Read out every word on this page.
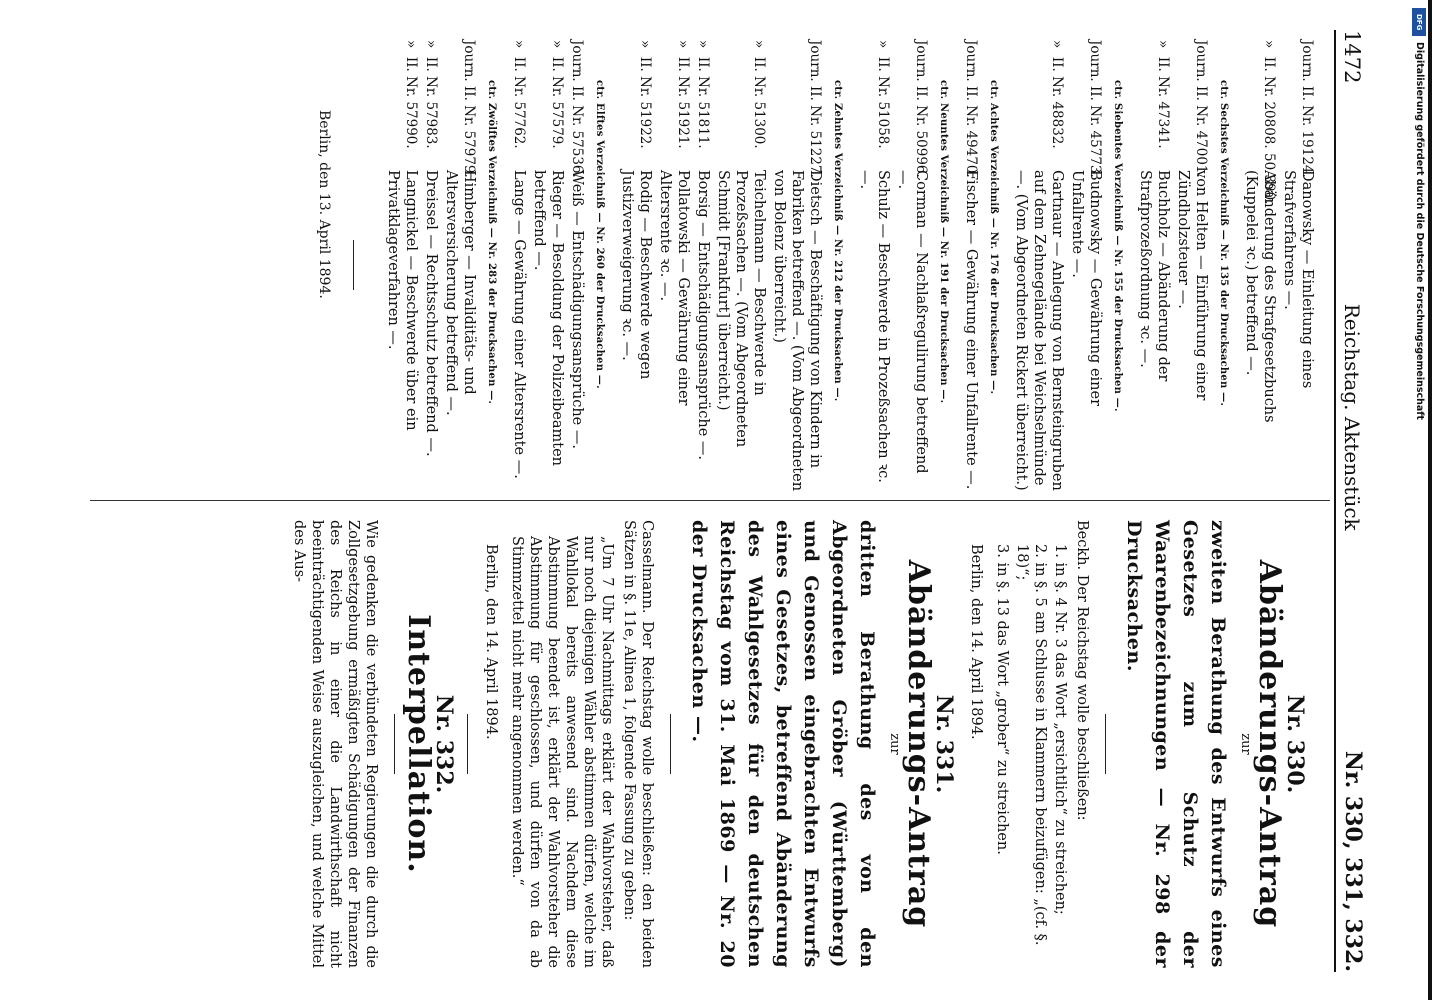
1472
Reichstag. Aktenstück
Nr. 330, 331, 332.
Journ. II. Nr. 19124.
Danowsky — Einleitung eines Strafverfahrens —.
»  II. Nr. 20808. 50 390.
Abänderung des Strafgesetzbuchs (Kuppelei ꝛc.) betreffend —.
ctr. Sechstes Verzeichniß — Nr. 135 der Drucksachen —.
Journ. II. Nr. 47001.
von Helten — Einführung einer Zündholzsteuer —.
»  II. Nr. 47341.
Buchholz — Abänderung der Strafprozeßordnung ꝛc. —.
ctr. Siebentes Verzeichniß — Nr. 155 der Drucksachen —.
Journ. II. Nr. 45773.
Budnowsky — Gewährung einer Unfallrente —.
»  II. Nr. 48832.
Gartnaur — Anlegung von Bernsteingruben auf dem Zehnegelände bei Weichselmünde —. (Vom Abgeordneten Rickert überreicht.)
ctr. Achtes Verzeichniß — Nr. 176 der Drucksachen —.
Journ. II. Nr. 49470.
Fischer — Gewährung einer Unfallrente —.
ctr. Neuntes Verzeichniß — Nr. 191 der Drucksachen —.
Journ. II. Nr. 50996.
Corman — Nachlaßregulirung betreffend —.
»  II. Nr. 51058.
Schulz — Beschwerde in Prozeßsachen ꝛc. —.
ctr. Zehntes Verzeichniß — Nr. 212 der Drucksachen —.
Journ. II. Nr. 51227.
Dietsch — Beschäftigung von Kindern in Fabriken betreffend —. (Vom Abgeordneten von Bolenz überreicht.)
»  II. Nr. 51300.
Teichelmann — Beschwerde in Prozeßsachen —. (Vom Abgeordneten Schmidt [Frankfurt] überreicht.)
»  II. Nr. 51811.
Borsig — Entschädigungsansprüche —.
»  II. Nr. 51921.
Pollatowski — Gewährung einer Altersrente ꝛc. —.
»  II. Nr. 51922.
Rodig — Beschwerde wegen Justizverweigerung ꝛc. —.
ctr. Elftes Verzeichniß — Nr. 260 der Drucksachen —.
Journ. II. Nr. 57536.
Weiß — Entschädigungsansprüche —.
»  II. Nr. 57579.
Rieger — Besoldung der Polizeibeamten betreffend —.
»  II. Nr. 57762.
Lange — Gewährung einer Altersrente —.
ctr. Zwölftes Verzeichniß — Nr. 283 der Drucksachen —.
Journ. II. Nr. 57979.
Himberger — Invaliditäts- und Altersversicherung betreffend —.
»  II. Nr. 57983.
Dreissel — Rechtsschutz betreffend —.
»  II. Nr. 57990.
Langnickel — Beschwerde über ein Privatklageverfahren —.
Berlin, den 13. April 1894.
Nr. 330.
Abänderungs-Antrag
zur
zweiten Berathung des Entwurfs eines Gesetzes zum Schutz der Waarenbezeichnungen — Nr. 298 der Drucksachen.
Beckh. Der Reichstag wolle beschließen:
1. in §. 4 Nr. 3 das Wort „ersichtlich“ zu streichen;
2. in §. 5 am Schlusse in Klammern beizufügen: „(cf. §. 18)“;
3. in §. 13 das Wort „grober“ zu streichen.
Berlin, den 14. April 1894.
Nr. 331.
Abänderungs-Antrag
zur
dritten Berathung des von den Abgeordneten Gröber (Württemberg) und Genossen eingebrachten Entwurfs eines Gesetzes, betreffend Abänderung des Wahlgesetzes für den deutschen Reichstag vom 31. Mai 1869 — Nr. 20 der Drucksachen —.
Casselmann. Der Reichstag wolle beschließen: den beiden Sätzen in §. 11e, Alinea 1, folgende Fassung zu geben:
„Um 7 Uhr Nachmittags erklärt der Wahlvorsteher, daß nur noch diejenigen Wähler abstimmen dürfen, welche im Wahllokal bereits anwesend sind. Nachdem diese Abstimmung beendet ist, erklärt der Wahlvorsteher die Abstimmung für geschlossen, und dürfen von da ab Stimmzettel nicht mehr angenommen werden.“
Berlin, den 14. April 1894.
Nr. 332.
Interpellation.
Wie gedenken die verbündeten Regierungen die durch die Zollgesetzgebung ermäßigten Schädigungen der Finanzen des Reichs in einer die Landwirthschaft nicht beeinträchtigenden Weise auszugleichen, und welche Mittel des Aus-
DFG
Digitalisierung gefördert durch die Deutsche Forschungsgemeinschaft
